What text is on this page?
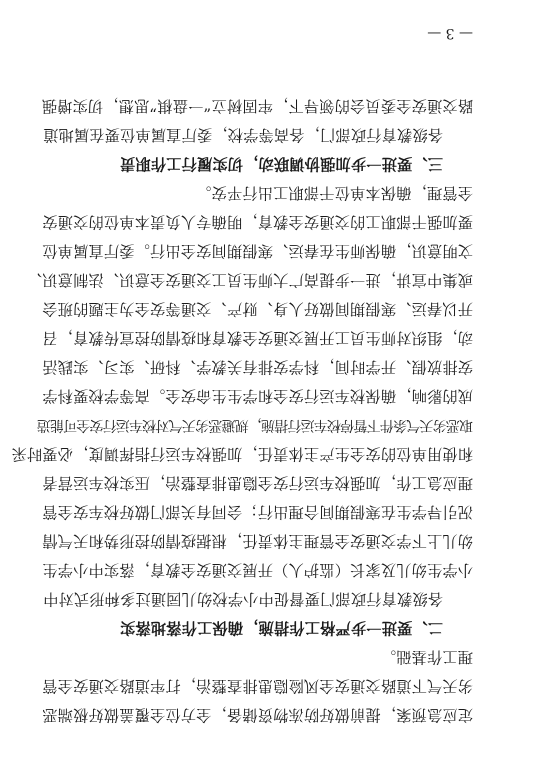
定应急预案，提前做好防冻物资储备，全方位全覆盖做好极端恶
劣天气下道路交通安全风险隐患排查整治，打牢道路交通安全管
理工作基础。
二、要进一步严格工作措施，确保工作落地落实
各级教育行政部门要督促中小学校幼儿园通过多种形式对中
小学生幼儿及家长（监护人）开展交通安全教育，落实中小学生
幼儿上下学交通安全管理主体责任，根据疫情防控形势和天气情
况引导学生在寒假期间合理出行；会同有关部门做好校车安全管
理应急工作，加强校车运行安全隐患排查整治，压实校车运营者
和使用单位的安全生产主体责任，加强校车运行指挥调度，必要时采
取恶劣天气条件下暂停校车运行措施，规避恶劣天气对校车运行安全可能造
成的影响，确保校车运行安全和学生生命安全。高等学校要科学
安排放假、开学时间，科学安排有关教学、科研、实习、实践活
动，组织对师生员工开展交通安全教育和疫情防控宣传教育，召
开以春运、寒假期间做好人身、财产、交通等安全为主题的班会
或集中宣讲，进一步提高广大师生员工交通安全意识、法制意识、
文明意识，确保师生在春运、寒假期间安全出行。委厅直属单位
要加强干部职工的交通安全教育，明确专人负责本单位的交通安
全管理，确保本单位干部职工出行平安。
三、要进一步加强协调联动，切实履行工作职责
各级教育行政部门，各高等学校，委厅直属单位要在属地道
路交通安全委员会的领导下，牢固树立“一盘棋”思想，切实增强
— 3 —
